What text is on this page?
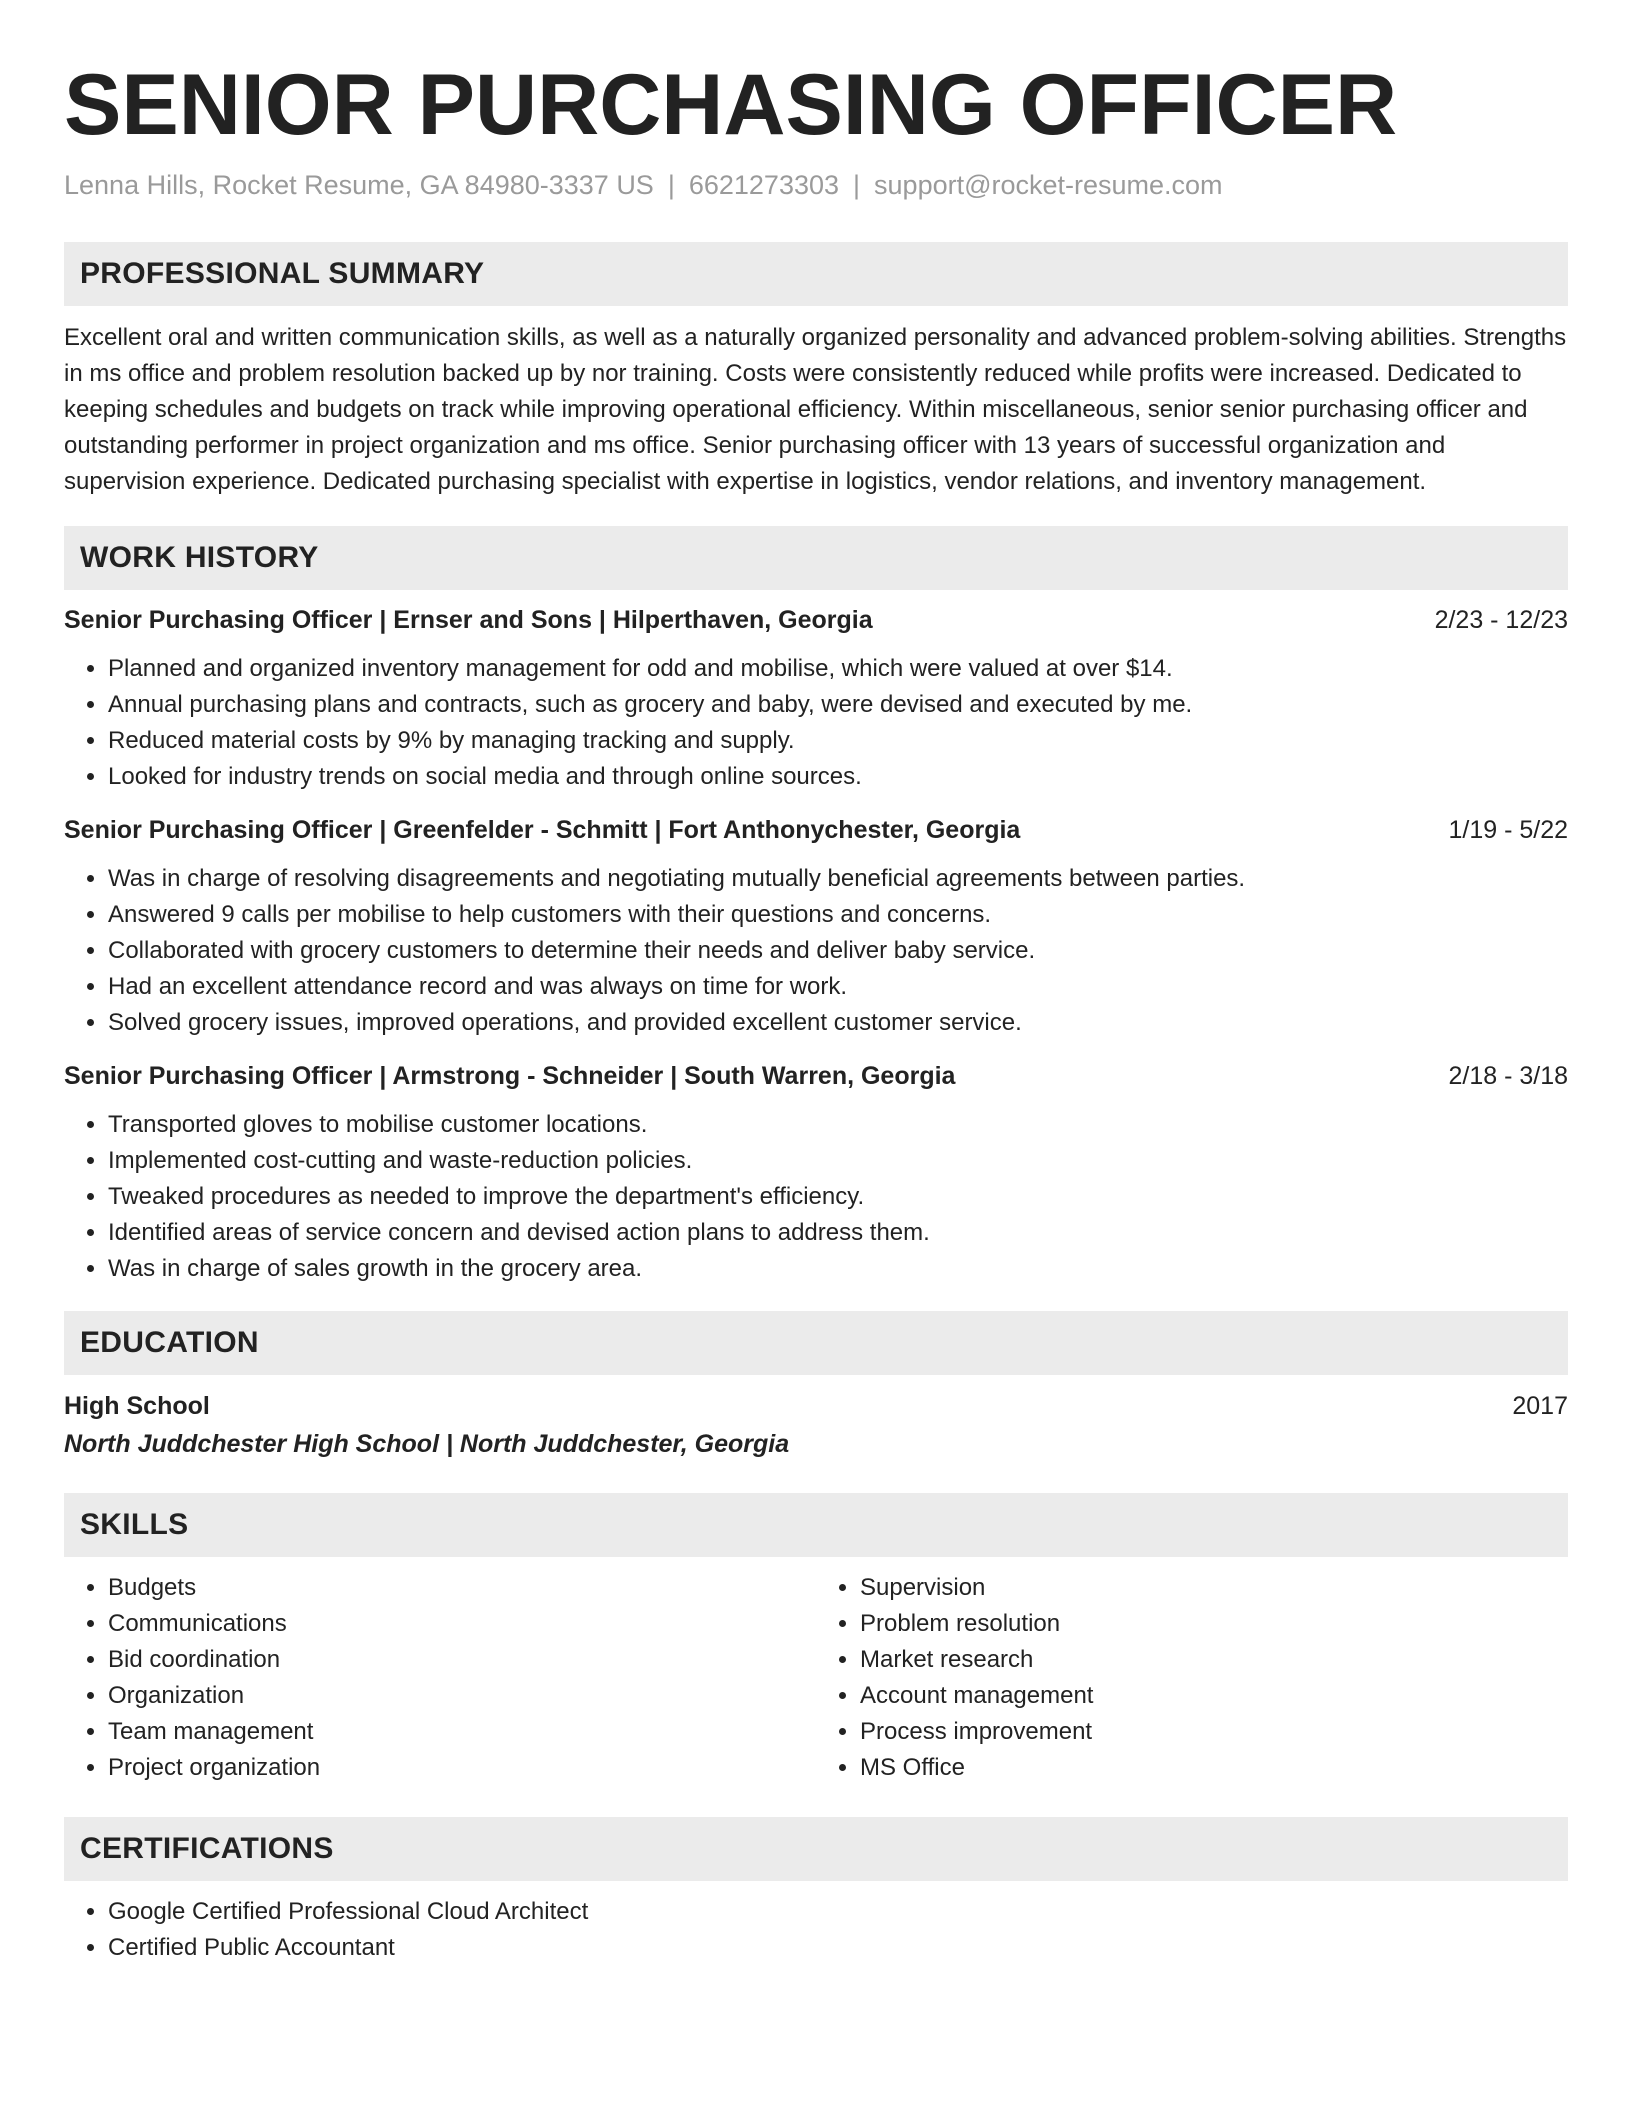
SENIOR PURCHASING OFFICER
Lenna Hills, Rocket Resume, GA 84980-3337 US | 6621273303 | support@rocket-resume.com
PROFESSIONAL SUMMARY

Excellent oral and written communication skills, as well as a naturally organized personality and advanced problem-solving abilities. Strengths in ms office and problem resolution backed up by nor training. Costs were consistently reduced while profits were increased. Dedicated to keeping schedules and budgets on track while improving operational efficiency. Within miscellaneous, senior senior purchasing officer and outstanding performer in project organization and ms office. Senior purchasing officer with 13 years of successful organization and supervision experience. Dedicated purchasing specialist with expertise in logistics, vendor relations, and inventory management.

WORK HISTORY
Senior Purchasing Officer | Ernser and Sons | Hilperthaven, Georgia	2/23 - 12/23
• Planned and organized inventory management for odd and mobilise, which were valued at over $14.
• Annual purchasing plans and contracts, such as grocery and baby, were devised and executed by me.
• Reduced material costs by 9% by managing tracking and supply.
• Looked for industry trends on social media and through online sources.
Senior Purchasing Officer | Greenfelder - Schmitt | Fort Anthonychester, Georgia	1/19 - 5/22
• Was in charge of resolving disagreements and negotiating mutually beneficial agreements between parties.
• Answered 9 calls per mobilise to help customers with their questions and concerns.
• Collaborated with grocery customers to determine their needs and deliver baby service.
• Had an excellent attendance record and was always on time for work.
• Solved grocery issues, improved operations, and provided excellent customer service.
Senior Purchasing Officer | Armstrong - Schneider | South Warren, Georgia	2/18 - 3/18
• Transported gloves to mobilise customer locations.
• Implemented cost-cutting and waste-reduction policies.
• Tweaked procedures as needed to improve the department's efficiency.
• Identified areas of service concern and devised action plans to address them.
• Was in charge of sales growth in the grocery area.
EDUCATION
High School	2017
North Juddchester High School | North Juddchester, Georgia
SKILLS
• Budgets
• Communications
• Bid coordination
• Organization
• Team management
• Project organization
• Supervision
• Problem resolution
• Market research
• Account management
• Process improvement
• MS Office
CERTIFICATIONS
• Google Certified Professional Cloud Architect
• Certified Public Accountant
